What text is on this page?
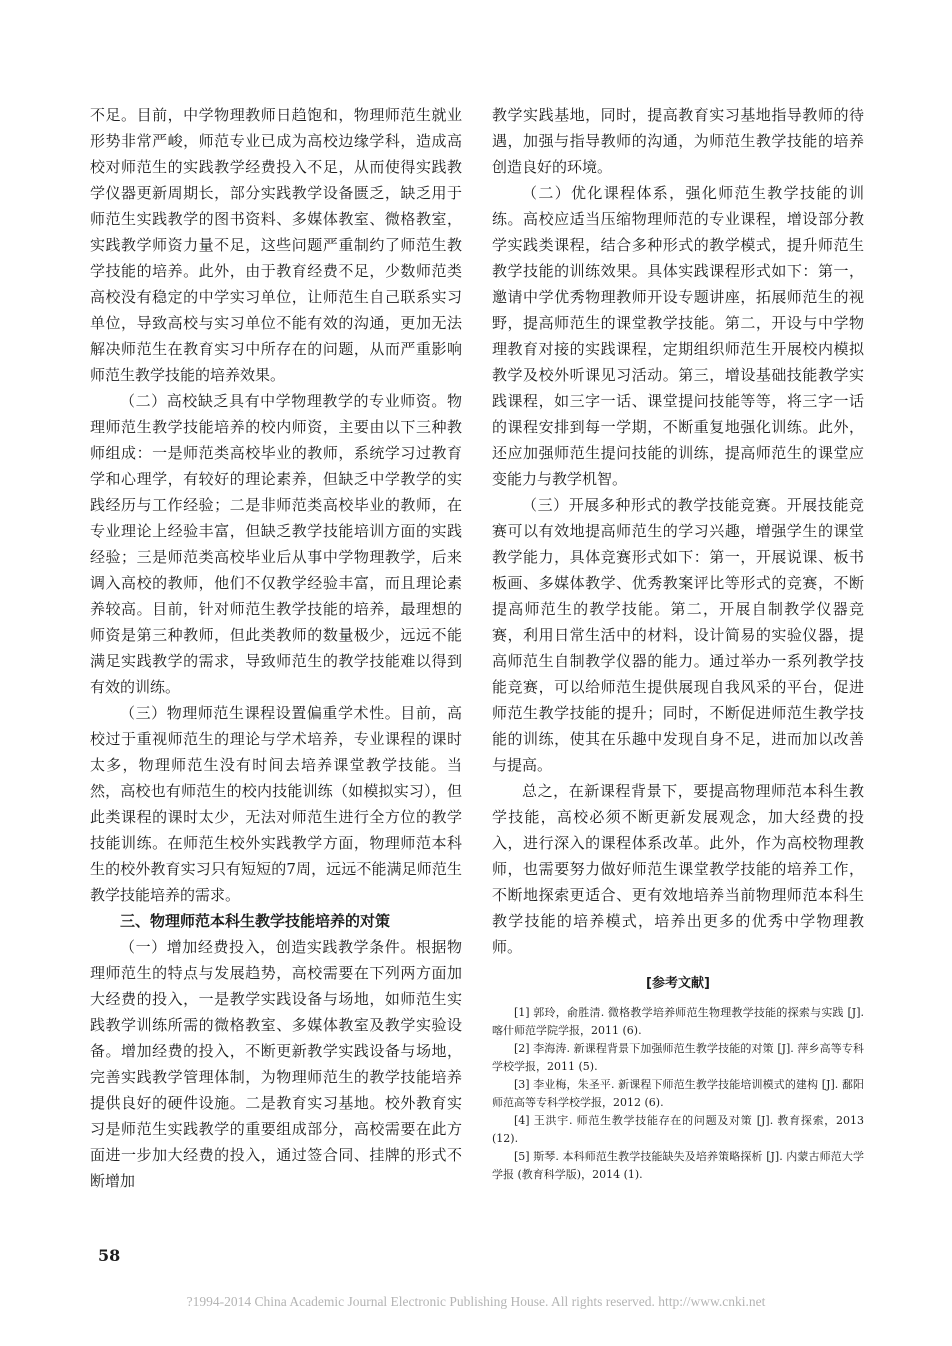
不足。目前，中学物理教师日趋饱和，物理师范生就业形势非常严峻，师范专业已成为高校边缘学科，造成高校对师范生的实践教学经费投入不足，从而使得实践教学仪器更新周期长，部分实践教学设备匮乏，缺乏用于师范生实践教学的图书资料、多媒体教室、微格教室，实践教学师资力量不足，这些问题严重制约了师范生教学技能的培养。此外，由于教育经费不足，少数师范类高校没有稳定的中学实习单位，让师范生自己联系实习单位，导致高校与实习单位不能有效的沟通，更加无法解决师范生在教育实习中所存在的问题，从而严重影响师范生教学技能的培养效果。

（二）高校缺乏具有中学物理教学的专业师资。物理师范生教学技能培养的校内师资，主要由以下三种教师组成：一是师范类高校毕业的教师，系统学习过教育学和心理学，有较好的理论素养，但缺乏中学教学的实践经历与工作经验；二是非师范类高校毕业的教师，在专业理论上经验丰富，但缺乏教学技能培训方面的实践经验；三是师范类高校毕业后从事中学物理教学，后来调入高校的教师，他们不仅教学经验丰富，而且理论素养较高。目前，针对师范生教学技能的培养，最理想的师资是第三种教师，但此类教师的数量极少，远远不能满足实践教学的需求，导致师范生的教学技能难以得到有效的训练。

（三）物理师范生课程设置偏重学术性。目前，高校过于重视师范生的理论与学术培养，专业课程的课时太多，物理师范生没有时间去培养课堂教学技能。当然，高校也有师范生的校内技能训练（如模拟实习），但此类课程的课时太少，无法对师范生进行全方位的教学技能训练。在师范生校外实践教学方面，物理师范本科生的校外教育实习只有短短的7周，远远不能满足师范生教学技能培养的需求。

三、物理师范本科生教学技能培养的对策

（一）增加经费投入，创造实践教学条件。根据物理师范生的特点与发展趋势，高校需要在下列两方面加大经费的投入，一是教学实践设备与场地，如师范生实践教学训练所需的微格教室、多媒体教室及教学实验设备。增加经费的投入，不断更新教学实践设备与场地，完善实践教学管理体制，为物理师范生的教学技能培养提供良好的硬件设施。二是教育实习基地。校外教育实习是师范生实践教学的重要组成部分，高校需要在此方面进一步加大经费的投入，通过签合同、挂牌的形式不断增加

教学实践基地，同时，提高教育实习基地指导教师的待遇，加强与指导教师的沟通，为师范生教学技能的培养创造良好的环境。

（二）优化课程体系，强化师范生教学技能的训练。高校应适当压缩物理师范的专业课程，增设部分教学实践类课程，结合多种形式的教学模式，提升师范生教学技能的训练效果。具体实践课程形式如下：第一，邀请中学优秀物理教师开设专题讲座，拓展师范生的视野，提高师范生的课堂教学技能。第二，开设与中学物理教育对接的实践课程，定期组织师范生开展校内模拟教学及校外听课见习活动。第三，增设基础技能教学实践课程，如三字一话、课堂提问技能等等，将三字一话的课程安排到每一学期，不断重复地强化训练。此外，还应加强师范生提问技能的训练，提高师范生的课堂应变能力与教学机智。

（三）开展多种形式的教学技能竞赛。开展技能竞赛可以有效地提高师范生的学习兴趣，增强学生的课堂教学能力，具体竞赛形式如下：第一，开展说课、板书板画、多媒体教学、优秀教案评比等形式的竞赛，不断提高师范生的教学技能。第二，开展自制教学仪器竞赛，利用日常生活中的材料，设计简易的实验仪器，提高师范生自制教学仪器的能力。通过举办一系列教学技能竞赛，可以给师范生提供展现自我风采的平台，促进师范生教学技能的提升；同时，不断促进师范生教学技能的训练，使其在乐趣中发现自身不足，进而加以改善与提高。

总之，在新课程背景下，要提高物理师范本科生教学技能，高校必须不断更新发展观念，加大经费的投入，进行深入的课程体系改革。此外，作为高校物理教师，也需要努力做好师范生课堂教学技能的培养工作，不断地探索更适合、更有效地培养当前物理师范本科生教学技能的培养模式，培养出更多的优秀中学物理教师。

[参考文献]

[1] 郭玲，俞胜清. 微格教学培养师范生物理教学技能的探索与实践 [J]. 喀什师范学院学报，2011 (6).

[2] 李海涛. 新课程背景下加强师范生教学技能的对策 [J]. 萍乡高等专科学校学报，2011 (5).

[3] 李业梅，朱圣平. 新课程下师范生教学技能培训模式的建构 [J]. 鄱阳师范高等专科学校学报，2012 (6).

[4] 王洪宇. 师范生教学技能存在的问题及对策 [J]. 教育探索，2013 (12).

[5] 斯琴. 本科师范生教学技能缺失及培养策略探析 [J]. 内蒙古师范大学学报 (教育科学版)，2014 (1).

58
?1994-2014 China Academic Journal Electronic Publishing House. All rights reserved. http://www.cnki.net
